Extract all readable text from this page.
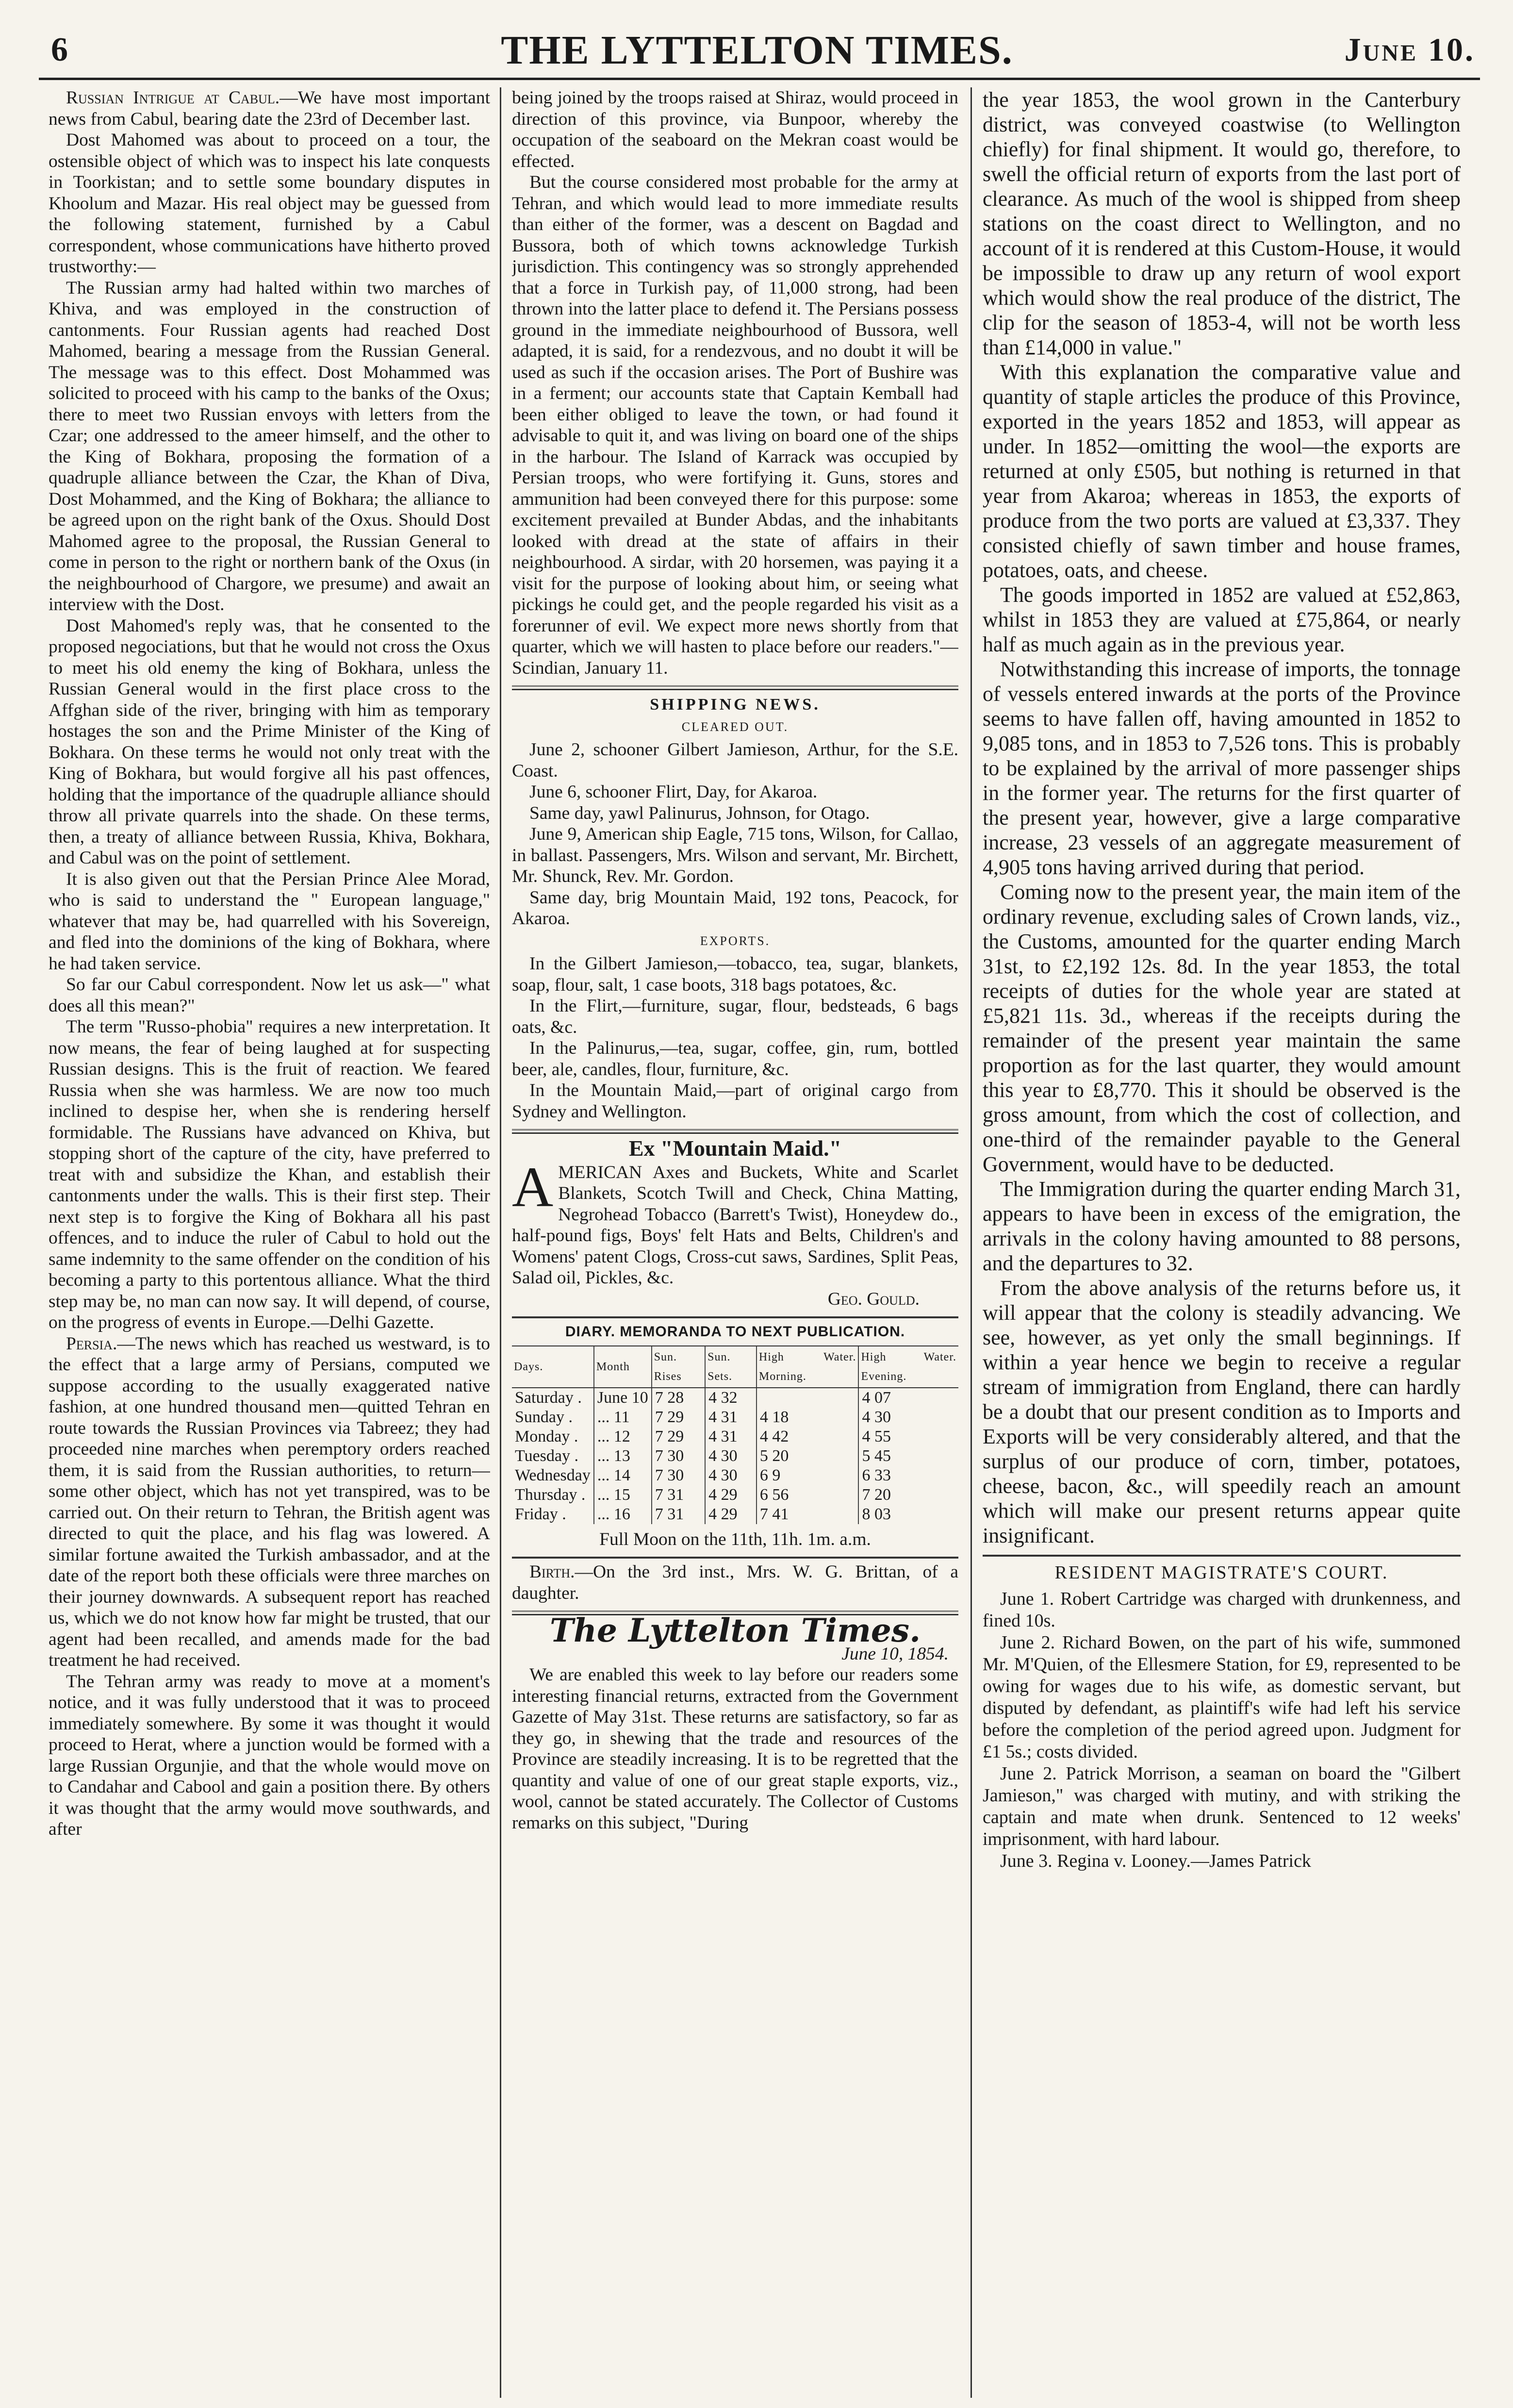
6	THE LYTTELTON TIMES.	June 10.

Russian Intrigue at Cabul.—We have most important news from Cabul, bearing date the 23rd of December last.

Dost Mahomed was about to proceed on a tour, the ostensible object of which was to inspect his late conquests in Toorkistan; and to settle some boundary disputes in Khoolum and Mazar. His real object may be guessed from the following statement, furnished by a Cabul correspondent, whose communications have hitherto proved trustworthy:—

The Russian army had halted within two marches of Khiva, and was employed in the construction of cantonments. Four Russian agents had reached Dost Mahomed, bearing a message from the Russian General. The message was to this effect. Dost Mohammed was solicited to proceed with his camp to the banks of the Oxus; there to meet two Russian envoys with letters from the Czar; one addressed to the ameer himself, and the other to the King of Bokhara, proposing the formation of a quadruple alliance between the Czar, the Khan of Diva, Dost Mohammed, and the King of Bokhara; the alliance to be agreed upon on the right bank of the Oxus. Should Dost Mahomed agree to the proposal, the Russian General to come in person to the right or northern bank of the Oxus (in the neighbourhood of Chargore, we presume) and await an interview with the Dost.

Dost Mahomed's reply was, that he consented to the proposed negociations, but that he would not cross the Oxus to meet his old enemy the king of Bokhara, unless the Russian General would in the first place cross to the Affghan side of the river, bringing with him as temporary hostages the son and the Prime Minister of the King of Bokhara. On these terms he would not only treat with the King of Bokhara, but would forgive all his past offences, holding that the importance of the quadruple alliance should throw all private quarrels into the shade. On these terms, then, a treaty of alliance between Russia, Khiva, Bokhara, and Cabul was on the point of settlement.

It is also given out that the Persian Prince Alee Morad, who is said to understand the " European language," whatever that may be, had quarrelled with his Sovereign, and fled into the dominions of the king of Bokhara, where he had taken service.

So far our Cabul correspondent. Now let us ask—" what does all this mean?"

The term "Russo-phobia" requires a new interpretation. It now means, the fear of being laughed at for suspecting Russian designs. This is the fruit of reaction. We feared Russia when she was harmless. We are now too much inclined to despise her, when she is rendering herself formidable. The Russians have advanced on Khiva, but stopping short of the capture of the city, have preferred to treat with and subsidize the Khan, and establish their cantonments under the walls. This is their first step. Their next step is to forgive the King of Bokhara all his past offences, and to induce the ruler of Cabul to hold out the same indemnity to the same offender on the condition of his becoming a party to this portentous alliance. What the third step may be, no man can now say. It will depend, of course, on the progress of events in Europe.—Delhi Gazette.

Persia.—The news which has reached us westward, is to the effect that a large army of Persians, computed we suppose according to the usually exaggerated native fashion, at one hundred thousand men—quitted Tehran en route towards the Russian Provinces via Tabreez; they had proceeded nine marches when peremptory orders reached them, it is said from the Russian authorities, to return—some other object, which has not yet transpired, was to be carried out. On their return to Tehran, the British agent was directed to quit the place, and his flag was lowered. A similar fortune awaited the Turkish ambassador, and at the date of the report both these officials were three marches on their journey downwards. A subsequent report has reached us, which we do not know how far might be trusted, that our agent had been recalled, and amends made for the bad treatment he had received.

The Tehran army was ready to move at a moment's notice, and it was fully understood that it was to proceed immediately somewhere. By some it was thought it would proceed to Herat, where a junction would be formed with a large Russian Orgunjie, and that the whole would move on to Candahar and Cabool and gain a position there. By others it was thought that the army would move southwards, and after

being joined by the troops raised at Shiraz, would proceed in direction of this province, via Bunpoor, whereby the occupation of the seaboard on the Mekran coast would be effected.

But the course considered most probable for the army at Tehran, and which would lead to more immediate results than either of the former, was a descent on Bagdad and Bussora, both of which towns acknowledge Turkish jurisdiction. This contingency was so strongly apprehended that a force in Turkish pay, of 11,000 strong, had been thrown into the latter place to defend it. The Persians possess ground in the immediate neighbourhood of Bussora, well adapted, it is said, for a rendezvous, and no doubt it will be used as such if the occasion arises. The Port of Bushire was in a ferment; our accounts state that Captain Kemball had been either obliged to leave the town, or had found it advisable to quit it, and was living on board one of the ships in the harbour. The Island of Karrack was occupied by Persian troops, who were fortifying it. Guns, stores and ammunition had been conveyed there for this purpose: some excitement prevailed at Bunder Abdas, and the inhabitants looked with dread at the state of affairs in their neighbourhood. A sirdar, with 20 horsemen, was paying it a visit for the purpose of looking about him, or seeing what pickings he could get, and the people regarded his visit as a forerunner of evil. We expect more news shortly from that quarter, which we will hasten to place before our readers."—Scindian, January 11.

SHIPPING NEWS.
CLEARED OUT.

June 2, schooner Gilbert Jamieson, Arthur, for the S.E. Coast.

June 6, schooner Flirt, Day, for Akaroa.

Same day, yawl Palinurus, Johnson, for Otago.

June 9, American ship Eagle, 715 tons, Wilson, for Callao, in ballast. Passengers, Mrs. Wilson and servant, Mr. Birchett, Mr. Shunck, Rev. Mr. Gordon.

Same day, brig Mountain Maid, 192 tons, Peacock, for Akaroa.

EXPORTS.

In the Gilbert Jamieson,—tobacco, tea, sugar, blankets, soap, flour, salt, 1 case boots, 318 bags potatoes, &c.

In the Flirt,—furniture, sugar, flour, bedsteads, 6 bags oats, &c.

In the Palinurus,—tea, sugar, coffee, gin, rum, bottled beer, ale, candles, flour, furniture, &c.

In the Mountain Maid,—part of original cargo from Sydney and Wellington.

Ex "Mountain Maid."

AMERICAN Axes and Buckets, White and Scarlet Blankets, Scotch Twill and Check, China Matting, Negrohead Tobacco (Barrett's Twist), Honeydew do., half-pound figs, Boys' felt Hats and Belts, Children's and Womens' patent Clogs, Cross-cut saws, Sardines, Split Peas, Salad oil, Pickles, &c.

Geo. Gould.
DIARY. MEMORANDA TO NEXT PUBLICATION.
Days.	Month	Sun. Rises	Sun. Sets.	High Water. Morning.	High Water. Evening.
Saturday .	June 10	7 28	4 32		4 07
Sunday .	... 11	7 29	4 31	4 18	4 30
Monday .	... 12	7 29	4 31	4 42	4 55
Tuesday .	... 13	7 30	4 30	5 20	5 45
Wednesday	... 14	7 30	4 30	6 9	6 33
Thursday .	... 15	7 31	4 29	6 56	7 20
Friday .	... 16	7 31	4 29	7 41	8 03
Full Moon on the 11th, 11h. 1m. a.m.

Birth.—On the 3rd inst., Mrs. W. G. Brittan, of a daughter.

The Lyttelton Times.
June 10, 1854.

We are enabled this week to lay before our readers some interesting financial returns, extracted from the Government Gazette of May 31st. These returns are satisfactory, so far as they go, in shewing that the trade and resources of the Province are steadily increasing. It is to be regretted that the quantity and value of one of our great staple exports, viz., wool, cannot be stated accurately. The Collector of Customs remarks on this subject, "During

the year 1853, the wool grown in the Canterbury district, was conveyed coastwise (to Wellington chiefly) for final shipment. It would go, therefore, to swell the official return of exports from the last port of clearance. As much of the wool is shipped from sheep stations on the coast direct to Wellington, and no account of it is rendered at this Custom-House, it would be impossible to draw up any return of wool export which would show the real produce of the district, The clip for the season of 1853-4, will not be worth less than £14,000 in value."

With this explanation the comparative value and quantity of staple articles the produce of this Province, exported in the years 1852 and 1853, will appear as under. In 1852—omitting the wool—the exports are returned at only £505, but nothing is returned in that year from Akaroa; whereas in 1853, the exports of produce from the two ports are valued at £3,337. They consisted chiefly of sawn timber and house frames, potatoes, oats, and cheese.

The goods imported in 1852 are valued at £52,863, whilst in 1853 they are valued at £75,864, or nearly half as much again as in the previous year.

Notwithstanding this increase of imports, the tonnage of vessels entered inwards at the ports of the Province seems to have fallen off, having amounted in 1852 to 9,085 tons, and in 1853 to 7,526 tons. This is probably to be explained by the arrival of more passenger ships in the former year. The returns for the first quarter of the present year, however, give a large comparative increase, 23 vessels of an aggregate measurement of 4,905 tons having arrived during that period.

Coming now to the present year, the main item of the ordinary revenue, excluding sales of Crown lands, viz., the Customs, amounted for the quarter ending March 31st, to £2,192 12s. 8d. In the year 1853, the total receipts of duties for the whole year are stated at £5,821 11s. 3d., whereas if the receipts during the remainder of the present year maintain the same proportion as for the last quarter, they would amount this year to £8,770. This it should be observed is the gross amount, from which the cost of collection, and one-third of the remainder payable to the General Government, would have to be deducted.

The Immigration during the quarter ending March 31, appears to have been in excess of the emigration, the arrivals in the colony having amounted to 88 persons, and the departures to 32.

From the above analysis of the returns before us, it will appear that the colony is steadily advancing. We see, however, as yet only the small beginnings. If within a year hence we begin to receive a regular stream of immigration from England, there can hardly be a doubt that our present condition as to Imports and Exports will be very considerably altered, and that the surplus of our produce of corn, timber, potatoes, cheese, bacon, &c., will speedily reach an amount which will make our present returns appear quite insignificant.

RESIDENT MAGISTRATE'S COURT.

June 1. Robert Cartridge was charged with drunkenness, and fined 10s.

June 2. Richard Bowen, on the part of his wife, summoned Mr. M'Quien, of the Ellesmere Station, for £9, represented to be owing for wages due to his wife, as domestic servant, but disputed by defendant, as plaintiff's wife had left his service before the completion of the period agreed upon. Judgment for £1 5s.; costs divided.

June 2. Patrick Morrison, a seaman on board the "Gilbert Jamieson," was charged with mutiny, and with striking the captain and mate when drunk. Sentenced to 12 weeks' imprisonment, with hard labour.

June 3. Regina v. Looney.—James Patrick
